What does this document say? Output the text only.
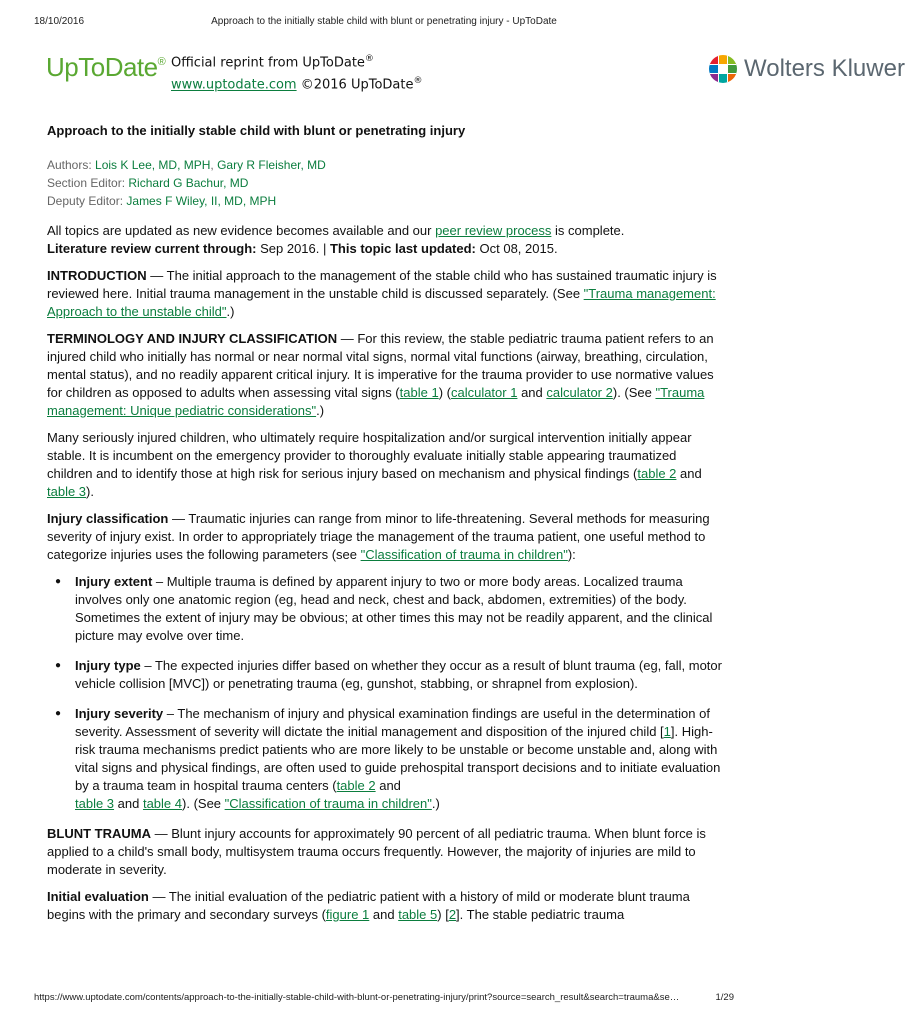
18/10/2016	Approach to the initially stable child with blunt or penetrating injury - UpToDate
UpToDate® Official reprint from UpToDate®
www.uptodate.com ©2016 UpToDate®	Wolters Kluwer
Approach to the initially stable child with blunt or penetrating injury
Authors: Lois K Lee, MD, MPH, Gary R Fleisher, MD
Section Editor: Richard G Bachur, MD
Deputy Editor: James F Wiley, II, MD, MPH

All topics are updated as new evidence becomes available and our peer review process is complete.
Literature review current through: Sep 2016. | This topic last updated: Oct 08, 2015.

INTRODUCTION — The initial approach to the management of the stable child who has sustained traumatic injury is reviewed here. Initial trauma management in the unstable child is discussed separately. (See "Trauma management: Approach to the unstable child".)

TERMINOLOGY AND INJURY CLASSIFICATION — For this review, the stable pediatric trauma patient refers to an injured child who initially has normal or near normal vital signs, normal vital functions (airway, breathing, circulation, mental status), and no readily apparent critical injury. It is imperative for the trauma provider to use normative values for children as opposed to adults when assessing vital signs (table 1) (calculator 1 and calculator 2). (See "Trauma management: Unique pediatric considerations".)

Many seriously injured children, who ultimately require hospitalization and/or surgical intervention initially appear stable. It is incumbent on the emergency provider to thoroughly evaluate initially stable appearing traumatized children and to identify those at high risk for serious injury based on mechanism and physical findings (table 2 and table 3).

Injury classification — Traumatic injuries can range from minor to life-threatening. Several methods for measuring severity of injury exist. In order to appropriately triage the management of the trauma patient, one useful method to categorize injuries uses the following parameters (see "Classification of trauma in children"):

● Injury extent – Multiple trauma is defined by apparent injury to two or more body areas. Localized trauma involves only one anatomic region (eg, head and neck, chest and back, abdomen, extremities) of the body. Sometimes the extent of injury may be obvious; at other times this may not be readily apparent, and the clinical picture may evolve over time.
● Injury type – The expected injuries differ based on whether they occur as a result of blunt trauma (eg, fall, motor vehicle collision [MVC]) or penetrating trauma (eg, gunshot, stabbing, or shrapnel from explosion).
● Injury severity – The mechanism of injury and physical examination findings are useful in the determination of severity. Assessment of severity will dictate the initial management and disposition of the injured child [1]. High-risk trauma mechanisms predict patients who are more likely to be unstable or become unstable and, along with vital signs and physical findings, are often used to guide prehospital transport decisions and to initiate evaluation by a trauma team in hospital trauma centers (table 2 and
table 3 and table 4). (See "Classification of trauma in children".)

BLUNT TRAUMA — Blunt injury accounts for approximately 90 percent of all pediatric trauma. When blunt force is applied to a child's small body, multisystem trauma occurs frequently. However, the majority of injuries are mild to moderate in severity.

Initial evaluation — The initial evaluation of the pediatric patient with a history of mild or moderate blunt trauma begins with the primary and secondary surveys (figure 1 and table 5) [2]. The stable pediatric trauma

https://www.uptodate.com/contents/approach-to-the-initially-stable-child-with-blunt-or-penetrating-injury/print?source=search_result&search=trauma&se…	1/29
